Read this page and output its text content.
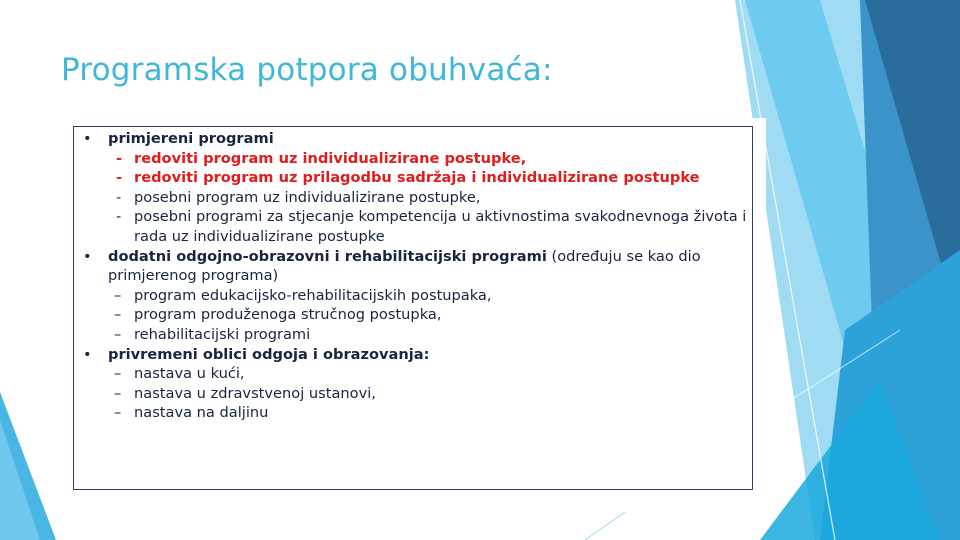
Programska potpora obuhvaća:
• primjereni programi
- redoviti program uz individualizirane postupke,
- redoviti program uz prilagodbu sadržaja i individualizirane postupke
- posebni program uz individualizirane postupke,
- posebni programi za stjecanje kompetencija u aktivnostima svakodnevnoga života i rada uz individualizirane postupke
• dodatni odgojno-obrazovni i rehabilitacijski programi (određuju se kao dio primjerenog programa)
– program edukacijsko-rehabilitacijskih postupaka,
– program produženoga stručnog postupka,
– rehabilitacijski programi
• privremeni oblici odgoja i obrazovanja:
– nastava u kući,
– nastava u zdravstvenoj ustanovi,
– nastava na daljinu
